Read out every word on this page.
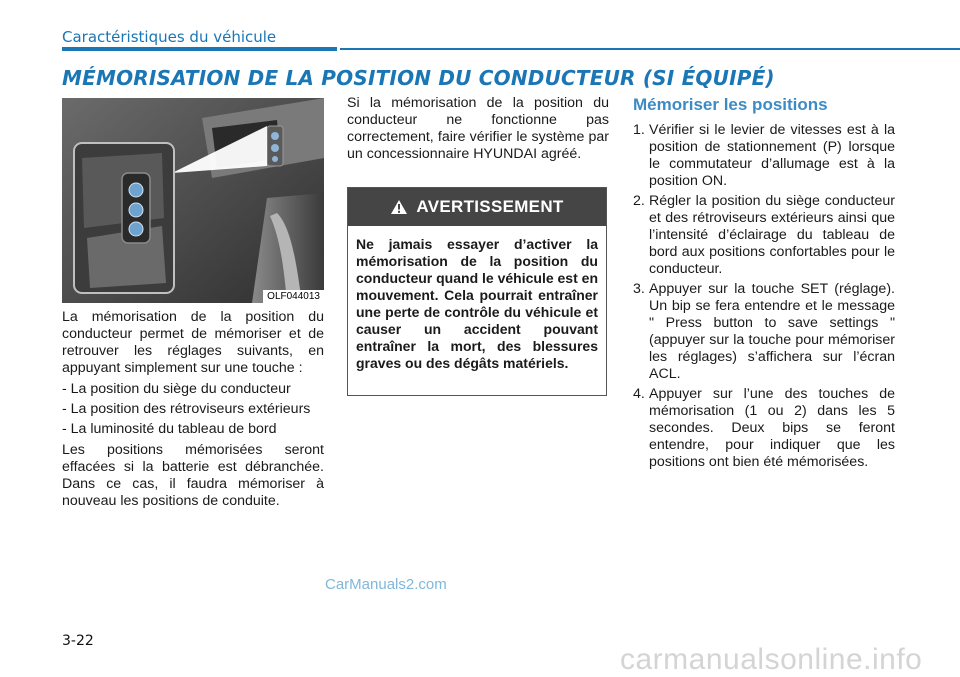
Caractéristiques du véhicule
MÉMORISATION DE LA POSITION DU CONDUCTEUR (SI ÉQUIPÉ)
OLF044013

La mémorisation de la position du conducteur permet de mémoriser et de retrouver les réglages suivants, en appuyant simplement sur une touche :

- La position du siège du conducteur
- La position des rétroviseurs extérieurs
- La luminosité du tableau de bord

Les positions mémorisées seront effacées si la batterie est débranchée. Dans ce cas, il faudra mémoriser à nouveau les positions de conduite.

Si la mémorisation de la position du conducteur ne fonctionne pas correctement, faire vérifier le système par un concessionnaire HYUNDAI agréé.

AVERTISSEMENT

Ne jamais essayer d’activer la mémorisation de la position du conducteur quand le véhicule est en mouvement. Cela pourrait entraîner une perte de contrôle du véhicule et causer un accident pouvant entraîner la mort, des blessures graves ou des dégâts matériels.

Mémoriser les positions
1. Vérifier si le levier de vitesses est à la position de stationnement (P) lorsque le commutateur d’allumage est à la position ON.
2. Régler la position du siège conducteur et des rétroviseurs extérieurs ainsi que l’intensité d’éclairage du tableau de bord aux positions confortables pour le conducteur.
3. Appuyer sur la touche SET (réglage). Un bip se fera entendre et le message " Press button to save settings " (appuyer sur la touche pour mémoriser les réglages) s’affichera sur l’écran ACL.
4. Appuyer sur l’une des touches de mémorisation (1 ou 2) dans les 5 secondes. Deux bips se feront entendre, pour indiquer que les positions ont bien été mémorisées.
CarManuals2.com
3-22
carmanualsonline.info
